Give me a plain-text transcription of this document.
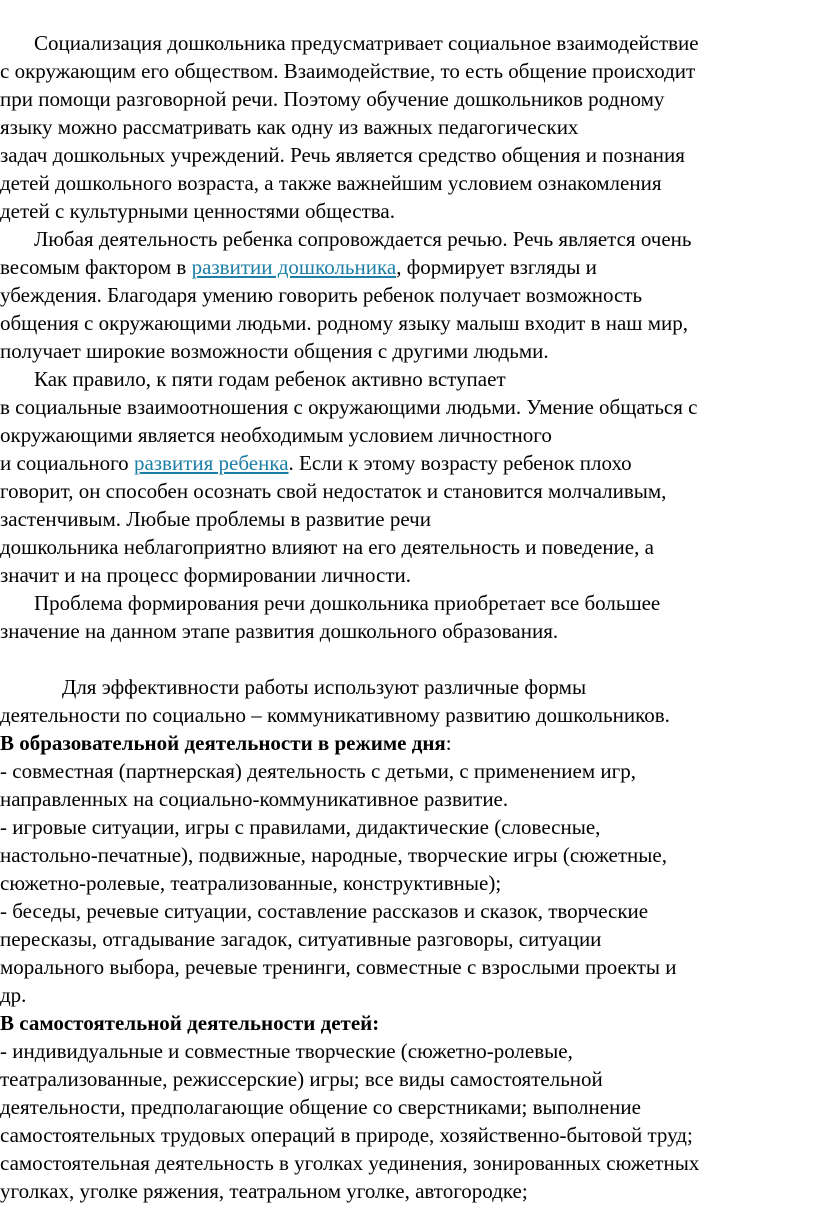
Социализация дошкольника предусматривает социальное взаимодействие
с окружающим его обществом. Взаимодействие, то есть общение происходит
при помощи разговорной речи. Поэтому обучение дошкольников родному
языку можно рассматривать как одну из важных педагогических
задач дошкольных учреждений. Речь является средство общения и познания
детей дошкольного возраста, а также важнейшим условием ознакомления
детей с культурными ценностями общества.
Любая деятельность ребенка сопровождается речью. Речь является очень
весомым фактором в развитии дошкольника, формирует взгляды и
убеждения. Благодаря умению говорить ребенок получает возможность
общения с окружающими людьми. родному языку малыш входит в наш мир,
получает широкие возможности общения с другими людьми.
Как правило, к пяти годам ребенок активно вступает
в социальные взаимоотношения с окружающими людьми. Умение общаться с
окружающими является необходимым условием личностного
и социального развития ребенка. Если к этому возрасту ребенок плохо
говорит, он способен осознать свой недостаток и становится молчаливым,
застенчивым. Любые проблемы в развитие речи
дошкольника неблагоприятно влияют на его деятельность и поведение, а
значит и на процесс формировании личности.
Проблема формирования речи дошкольника приобретает все большее
значение на данном этапе развития дошкольного образования.
Для эффективности работы используют различные формы
деятельности по социально – коммуникативному развитию дошкольников.
В образовательной деятельности в режиме дня:
- совместная (партнерская) деятельность с детьми, с применением игр,
направленных на социально-коммуникативное развитие.
- игровые ситуации, игры с правилами, дидактические (словесные,
настольно-печатные), подвижные, народные, творческие игры (сюжетные,
сюжетно-ролевые, театрализованные, конструктивные);
- беседы, речевые ситуации, составление рассказов и сказок, творческие
пересказы, отгадывание загадок, ситуативные разговоры, ситуации
морального выбора, речевые тренинги, совместные с взрослыми проекты и
др.
В самостоятельной деятельности детей:
- индивидуальные и совместные творческие (сюжетно-ролевые,
театрализованные, режиссерские) игры; все виды самостоятельной
деятельности, предполагающие общение со сверстниками; выполнение
самостоятельных трудовых операций в природе, хозяйственно-бытовой труд;
самостоятельная деятельность в уголках уединения, зонированных сюжетных
уголках, уголке ряжения, театральном уголке, автогородке;
